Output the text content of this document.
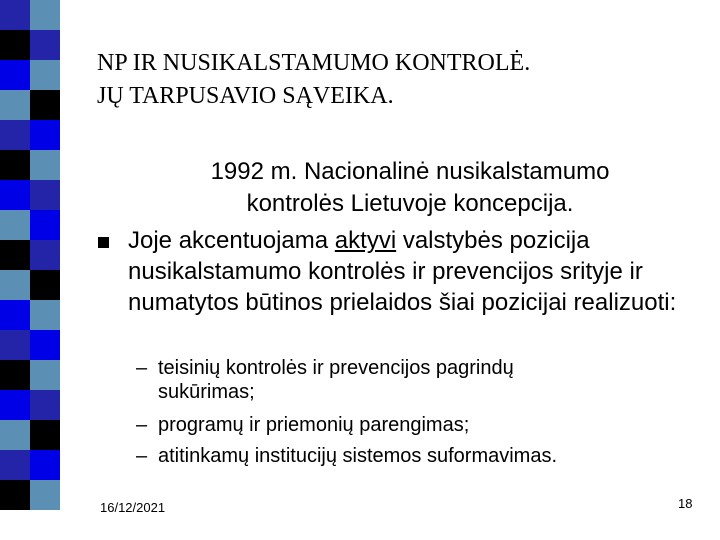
NP IR NUSIKALSTAMUMO KONTROLĖ.
JŲ TARPUSAVIO SĄVEIKA.
1992 m. Nacionalinė nusikalstamumo
kontrolės Lietuvoje koncepcija.
Joje akcentuojama aktyvi valstybės pozicija nusikalstamumo kontrolės ir prevencijos srityje ir numatytos būtinos prielaidos šiai pozicijai realizuoti:
– teisinių kontrolės ir prevencijos pagrindų sukūrimas;
– programų ir priemonių parengimas;
– atitinkamų institucijų sistemos suformavimas.
16/12/2021	18
